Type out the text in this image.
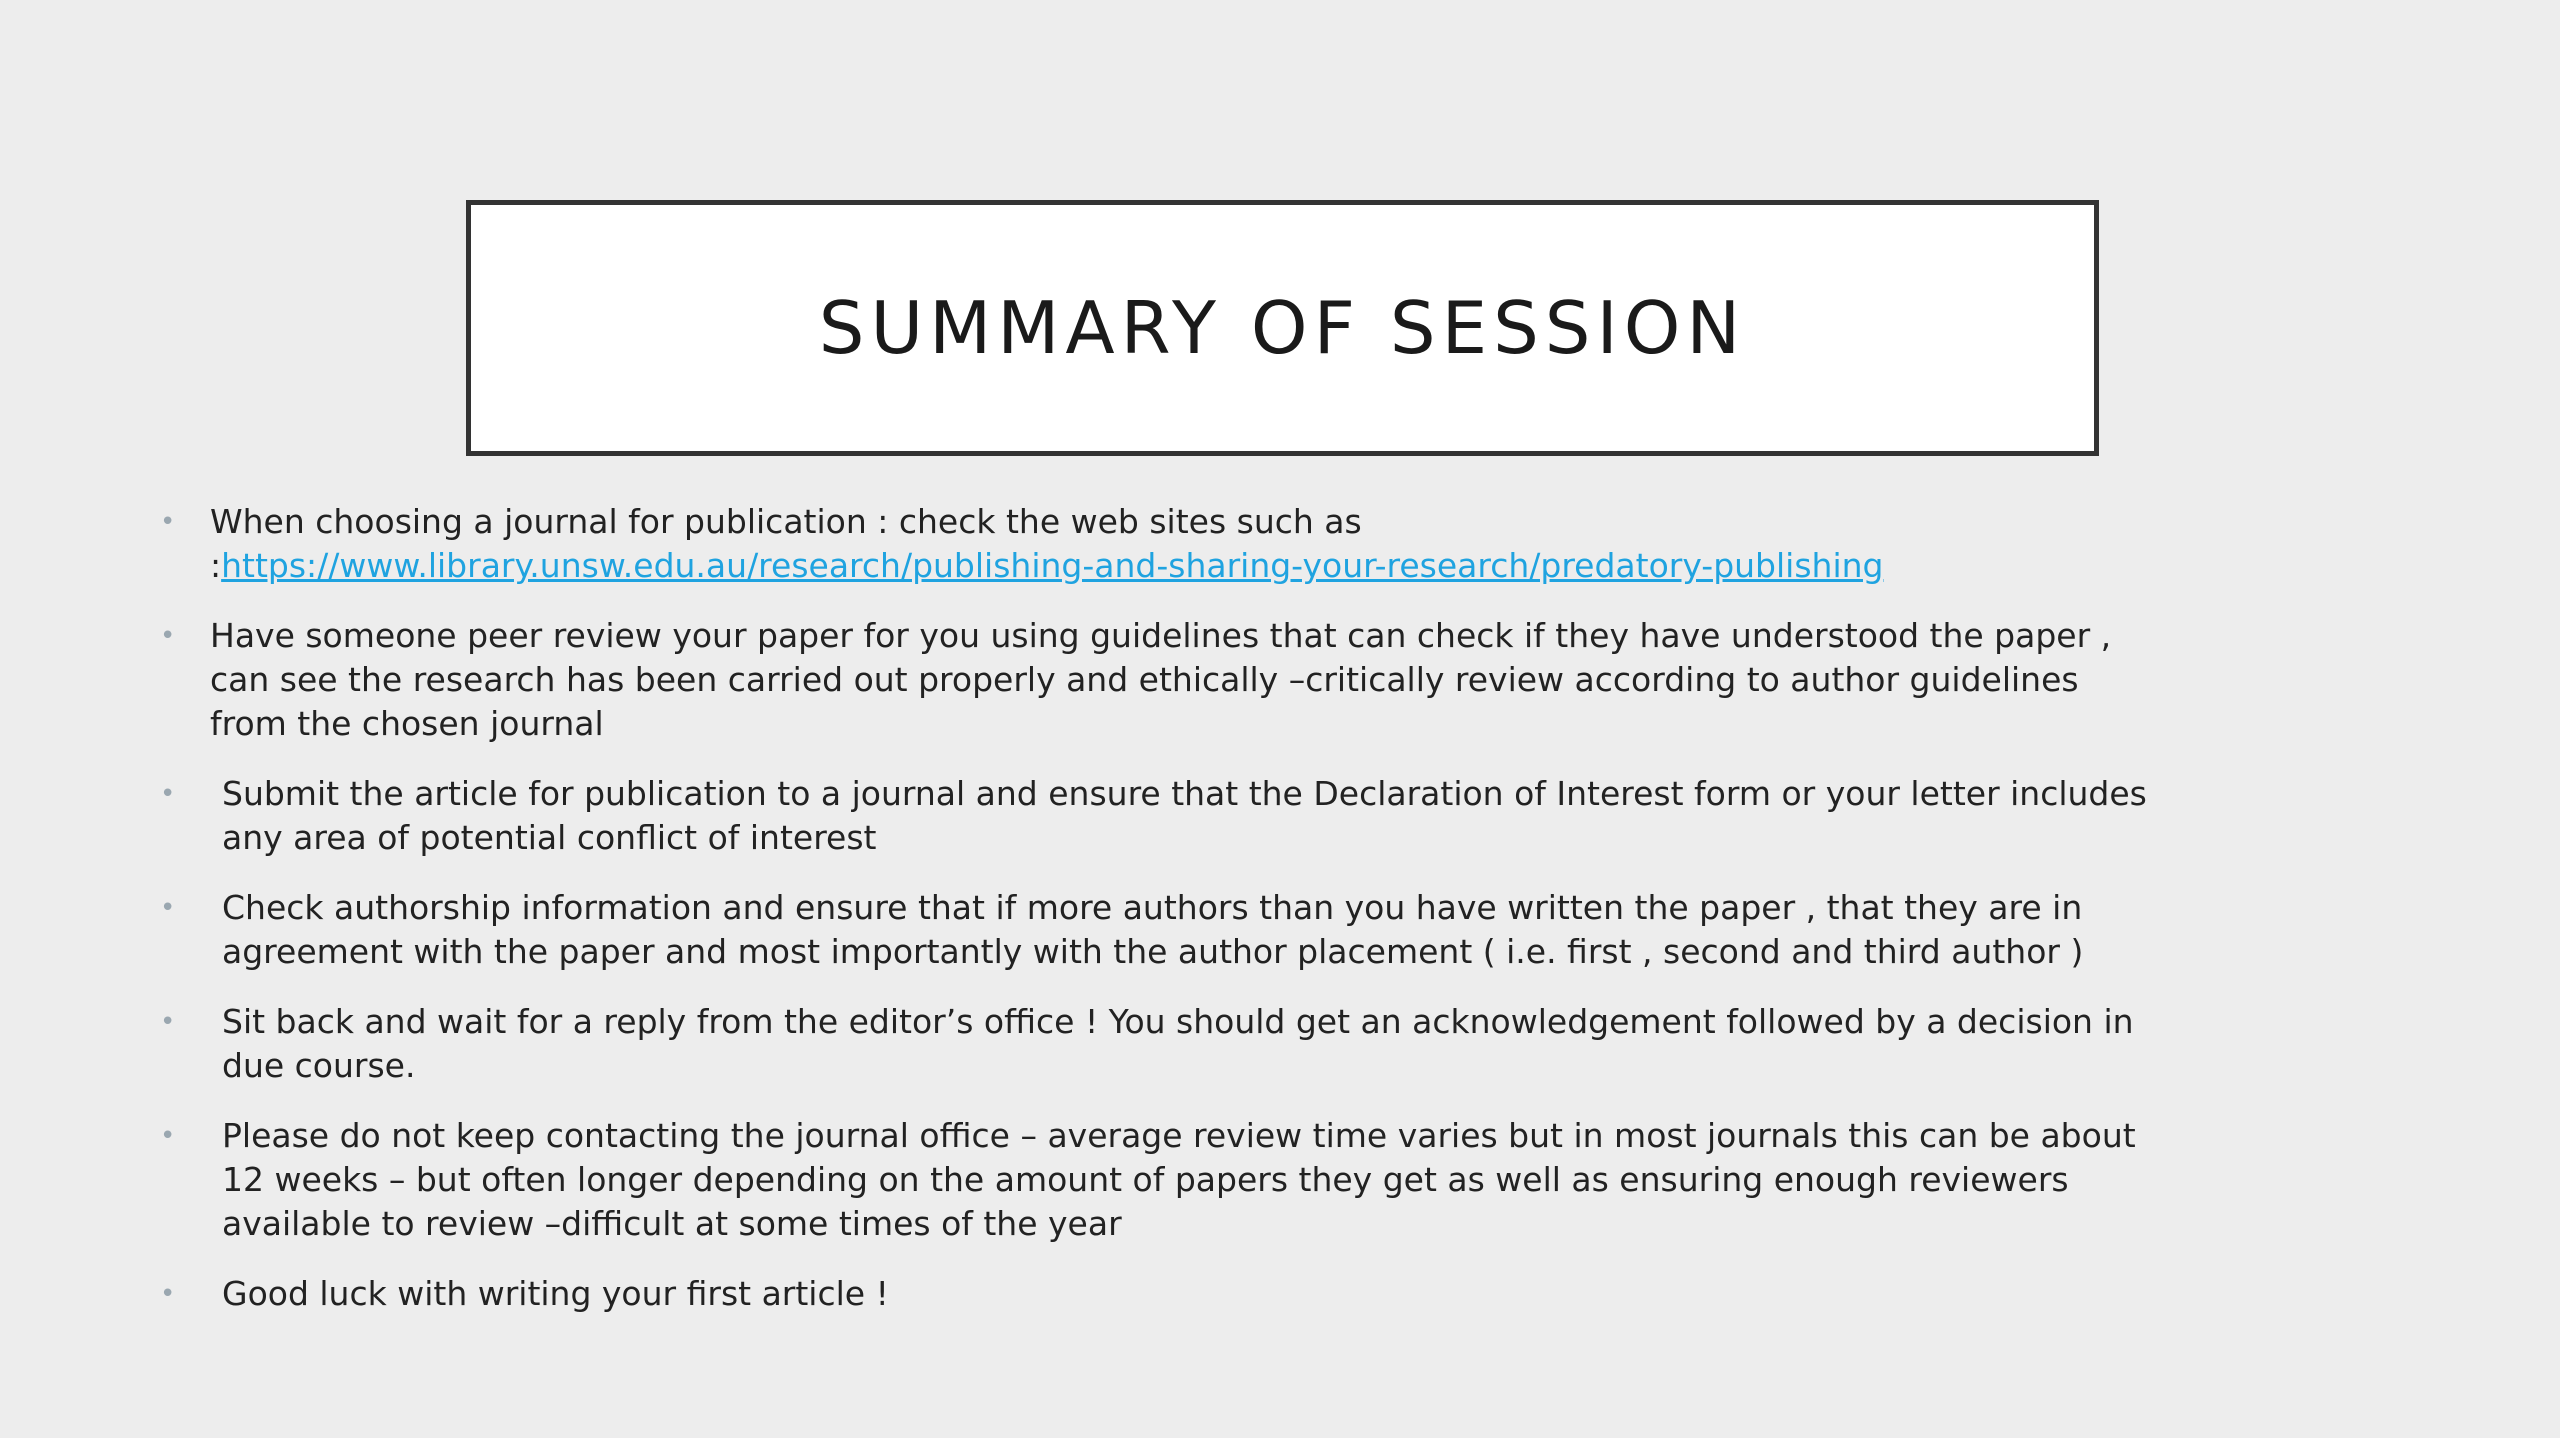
SUMMARY OF SESSION
•	When choosing a journal for publication : check the web sites such as
:https://www.library.unsw.edu.au/research/publishing-and-sharing-your-research/predatory-publishing
•	Have someone peer review your paper for you using guidelines that can check if they have understood the paper , can see the research has been carried out properly and ethically –critically review according to author guidelines from the chosen journal
•	Submit the article for publication to a journal and ensure that the Declaration of Interest form or your letter includes any area of potential conflict of interest
•	Check authorship information and ensure that if more authors than you have written the paper , that they are in agreement with the paper and most importantly with the author placement ( i.e. first , second and third author )
•	Sit back and wait for a reply from the editor’s office ! You should get an acknowledgement followed by a decision in due course.
•	Please do not keep contacting the journal office – average review time varies but in most journals this can be about 12 weeks – but often longer depending on the amount of papers they get as well as ensuring enough reviewers available to review –difficult at some times of the year
•	Good luck with writing your first article !
